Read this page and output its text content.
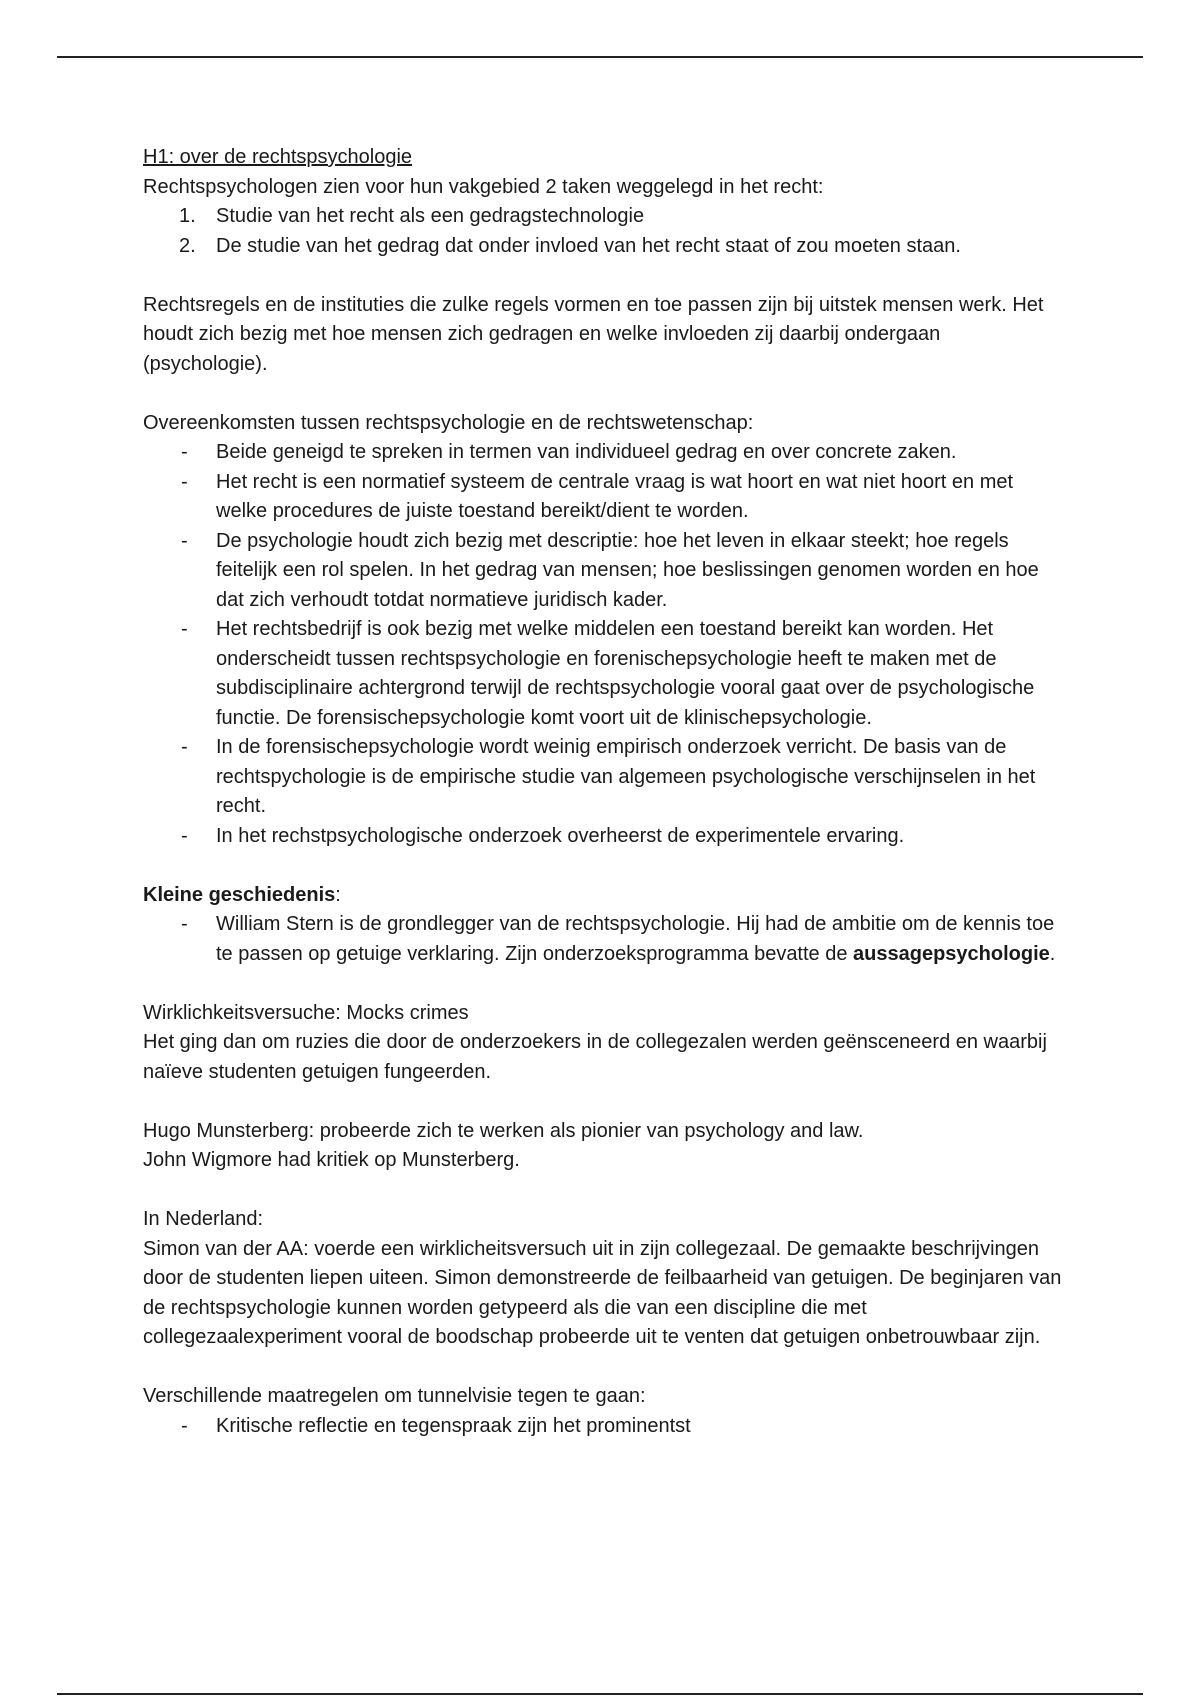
H1: over de rechtspsychologie

Rechtspsychologen zien voor hun vakgebied 2 taken weggelegd in het recht:

1. Studie van het recht als een gedragstechnologie
2. De studie van het gedrag dat onder invloed van het recht staat of zou moeten staan.

Rechtsregels en de instituties die zulke regels vormen en toe passen zijn bij uitstek mensen werk. Het houdt zich bezig met hoe mensen zich gedragen en welke invloeden zij daarbij ondergaan (psychologie).

Overeenkomsten tussen rechtspsychologie en de rechtswetenschap:

- Beide geneigd te spreken in termen van individueel gedrag en over concrete zaken.
- Het recht is een normatief systeem de centrale vraag is wat hoort en wat niet hoort en met welke procedures de juiste toestand bereikt/dient te worden.
- De psychologie houdt zich bezig met descriptie: hoe het leven in elkaar steekt; hoe regels feitelijk een rol spelen. In het gedrag van mensen; hoe beslissingen genomen worden en hoe dat zich verhoudt totdat normatieve juridisch kader.
- Het rechtsbedrijf is ook bezig met welke middelen een toestand bereikt kan worden. Het onderscheidt tussen rechtspsychologie en forenischepsychologie heeft te maken met de subdisciplinaire achtergrond terwijl de rechtspsychologie vooral gaat over de psychologische functie. De forensischepsychologie komt voort uit de klinischepsychologie.
- In de forensischepsychologie wordt weinig empirisch onderzoek verricht. De basis van de rechtspychologie is de empirische studie van algemeen psychologische verschijnselen in het recht.
- In het rechstpsychologische onderzoek overheerst de experimentele ervaring.

Kleine geschiedenis:

- William Stern is de grondlegger van de rechtspsychologie. Hij had de ambitie om de kennis toe te passen op getuige verklaring. Zijn onderzoeksprogramma bevatte de aussagepsychologie.

Wirklichkeitsversuche: Mocks crimes

Het ging dan om ruzies die door de onderzoekers in de collegezalen werden geënsceneerd en waarbij naïeve studenten getuigen fungeerden.

Hugo Munsterberg: probeerde zich te werken als pionier van psychology and law.

John Wigmore had kritiek op Munsterberg.

In Nederland:

Simon van der AA: voerde een wirklicheitsversuch uit in zijn collegezaal. De gemaakte beschrijvingen door de studenten liepen uiteen. Simon demonstreerde de feilbaarheid van getuigen. De beginjaren van de rechtspsychologie kunnen worden getypeerd als die van een discipline die met collegezaalexperiment vooral de boodschap probeerde uit te venten dat getuigen onbetrouwbaar zijn.

Verschillende maatregelen om tunnelvisie tegen te gaan:

- Kritische reflectie en tegenspraak zijn het prominentst
